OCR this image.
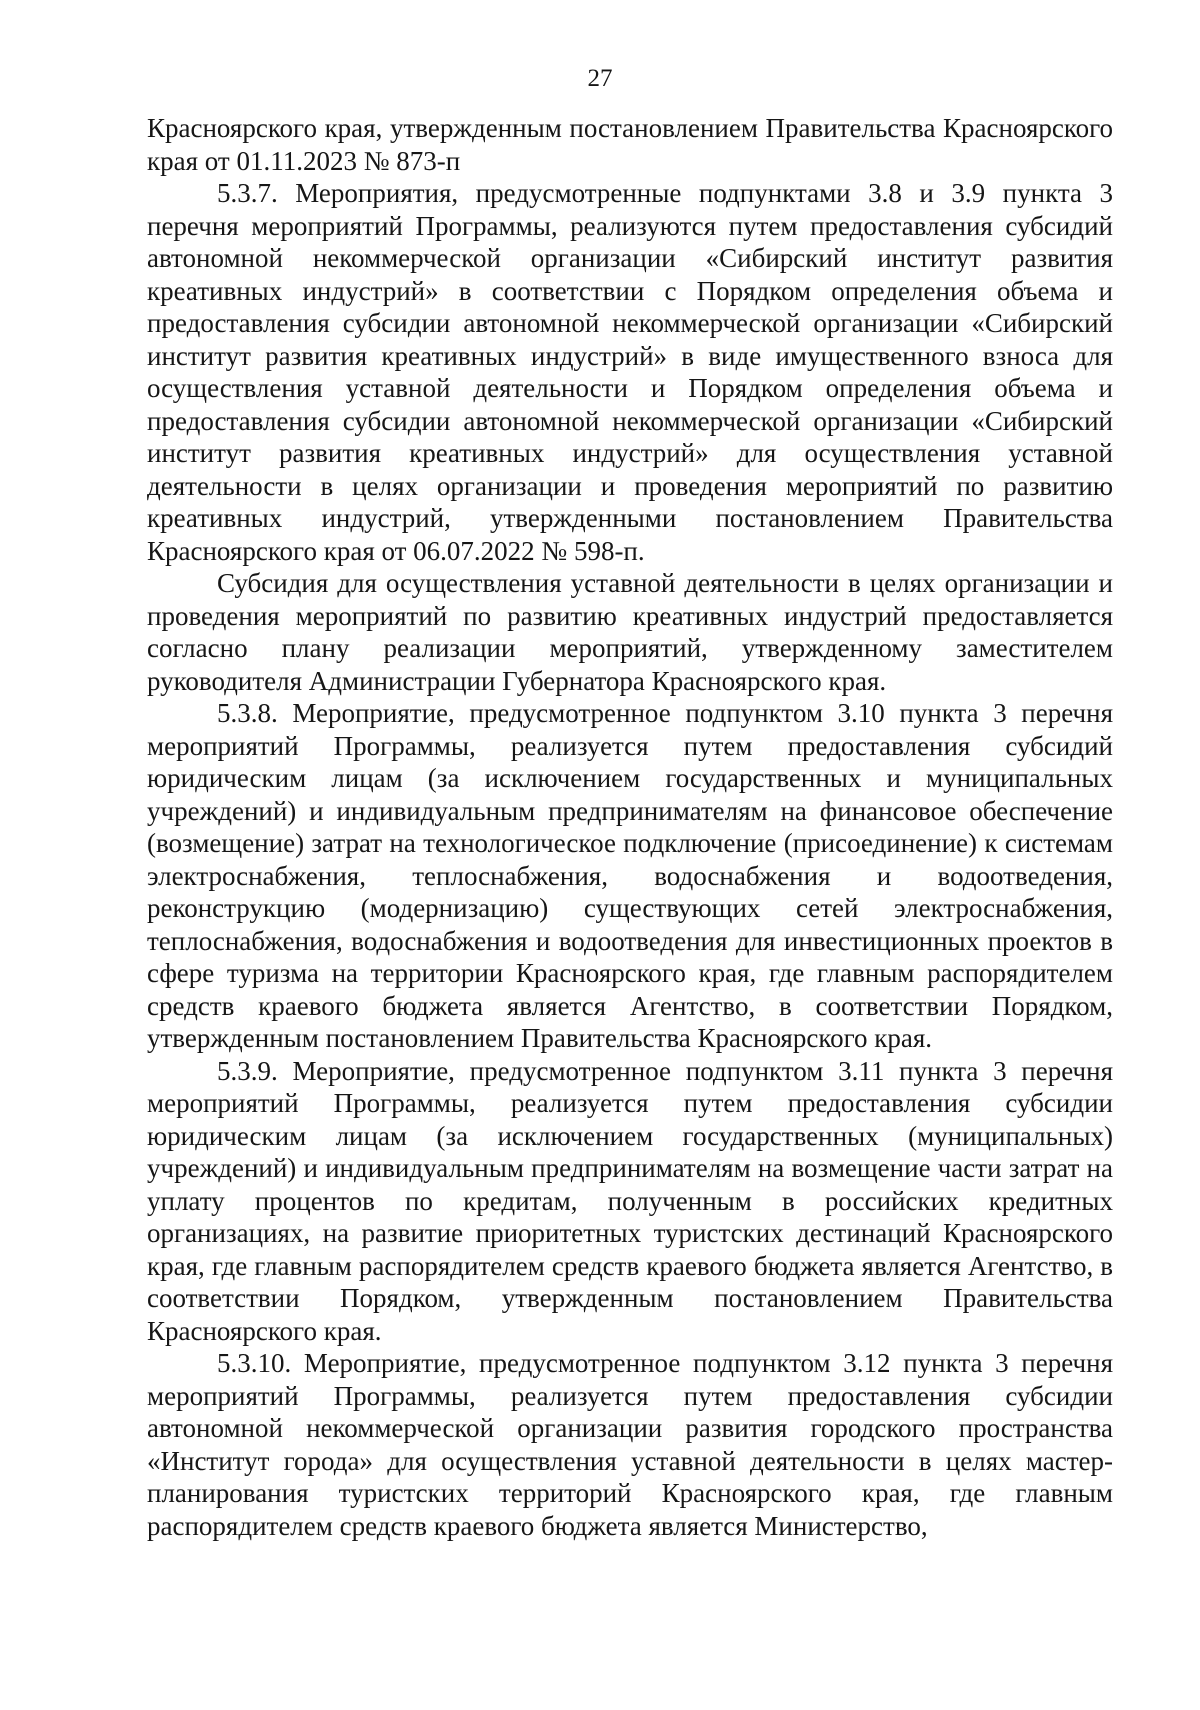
27

Красноярского края, утвержденным постановлением Правительства Красноярского края от 01.11.2023 № 873-п

5.3.7. Мероприятия, предусмотренные подпунктами 3.8 и 3.9 пункта 3 перечня мероприятий Программы, реализуются путем предоставления субсидий автономной некоммерческой организации «Сибирский институт развития креативных индустрий» в соответствии с Порядком определения объема и предоставления субсидии автономной некоммерческой организации «Сибирский институт развития креативных индустрий» в виде имущественного взноса для осуществления уставной деятельности и Порядком определения объема и предоставления субсидии автономной некоммерческой организации «Сибирский институт развития креативных индустрий» для осуществления уставной деятельности в целях организации и проведения мероприятий по развитию креативных индустрий, утвержденными постановлением Правительства Красноярского края от 06.07.2022 № 598-п.

Субсидия для осуществления уставной деятельности в целях организации и проведения мероприятий по развитию креативных индустрий предоставляется согласно плану реализации мероприятий, утвержденному заместителем руководителя Администрации Губернатора Красноярского края.

5.3.8. Мероприятие, предусмотренное подпунктом 3.10 пункта 3 перечня мероприятий Программы, реализуется путем предоставления субсидий юридическим лицам (за исключением государственных и муниципальных учреждений) и индивидуальным предпринимателям на финансовое обеспечение (возмещение) затрат на технологическое подключение (присоединение) к системам электроснабжения, теплоснабжения, водоснабжения и водоотведения, реконструкцию (модернизацию) существующих сетей электроснабжения, теплоснабжения, водоснабжения и водоотведения для инвестиционных проектов в сфере туризма на территории Красноярского края, где главным распорядителем средств краевого бюджета является Агентство, в соответствии Порядком, утвержденным постановлением Правительства Красноярского края.

5.3.9. Мероприятие, предусмотренное подпунктом 3.11 пункта 3 перечня мероприятий Программы, реализуется путем предоставления субсидии юридическим лицам (за исключением государственных (муниципальных) учреждений) и индивидуальным предпринимателям на возмещение части затрат на уплату процентов по кредитам, полученным в российских кредитных организациях, на развитие приоритетных туристских дестинаций Красноярского края, где главным распорядителем средств краевого бюджета является Агентство, в соответствии Порядком, утвержденным постановлением Правительства Красноярского края.

5.3.10. Мероприятие, предусмотренное подпунктом 3.12 пункта 3 перечня мероприятий Программы, реализуется путем предоставления субсидии автономной некоммерческой организации развития городского пространства «Институт города» для осуществления уставной деятельности в целях мастер-планирования туристских территорий Красноярского края, где главным распорядителем средств краевого бюджета является Министерство,
